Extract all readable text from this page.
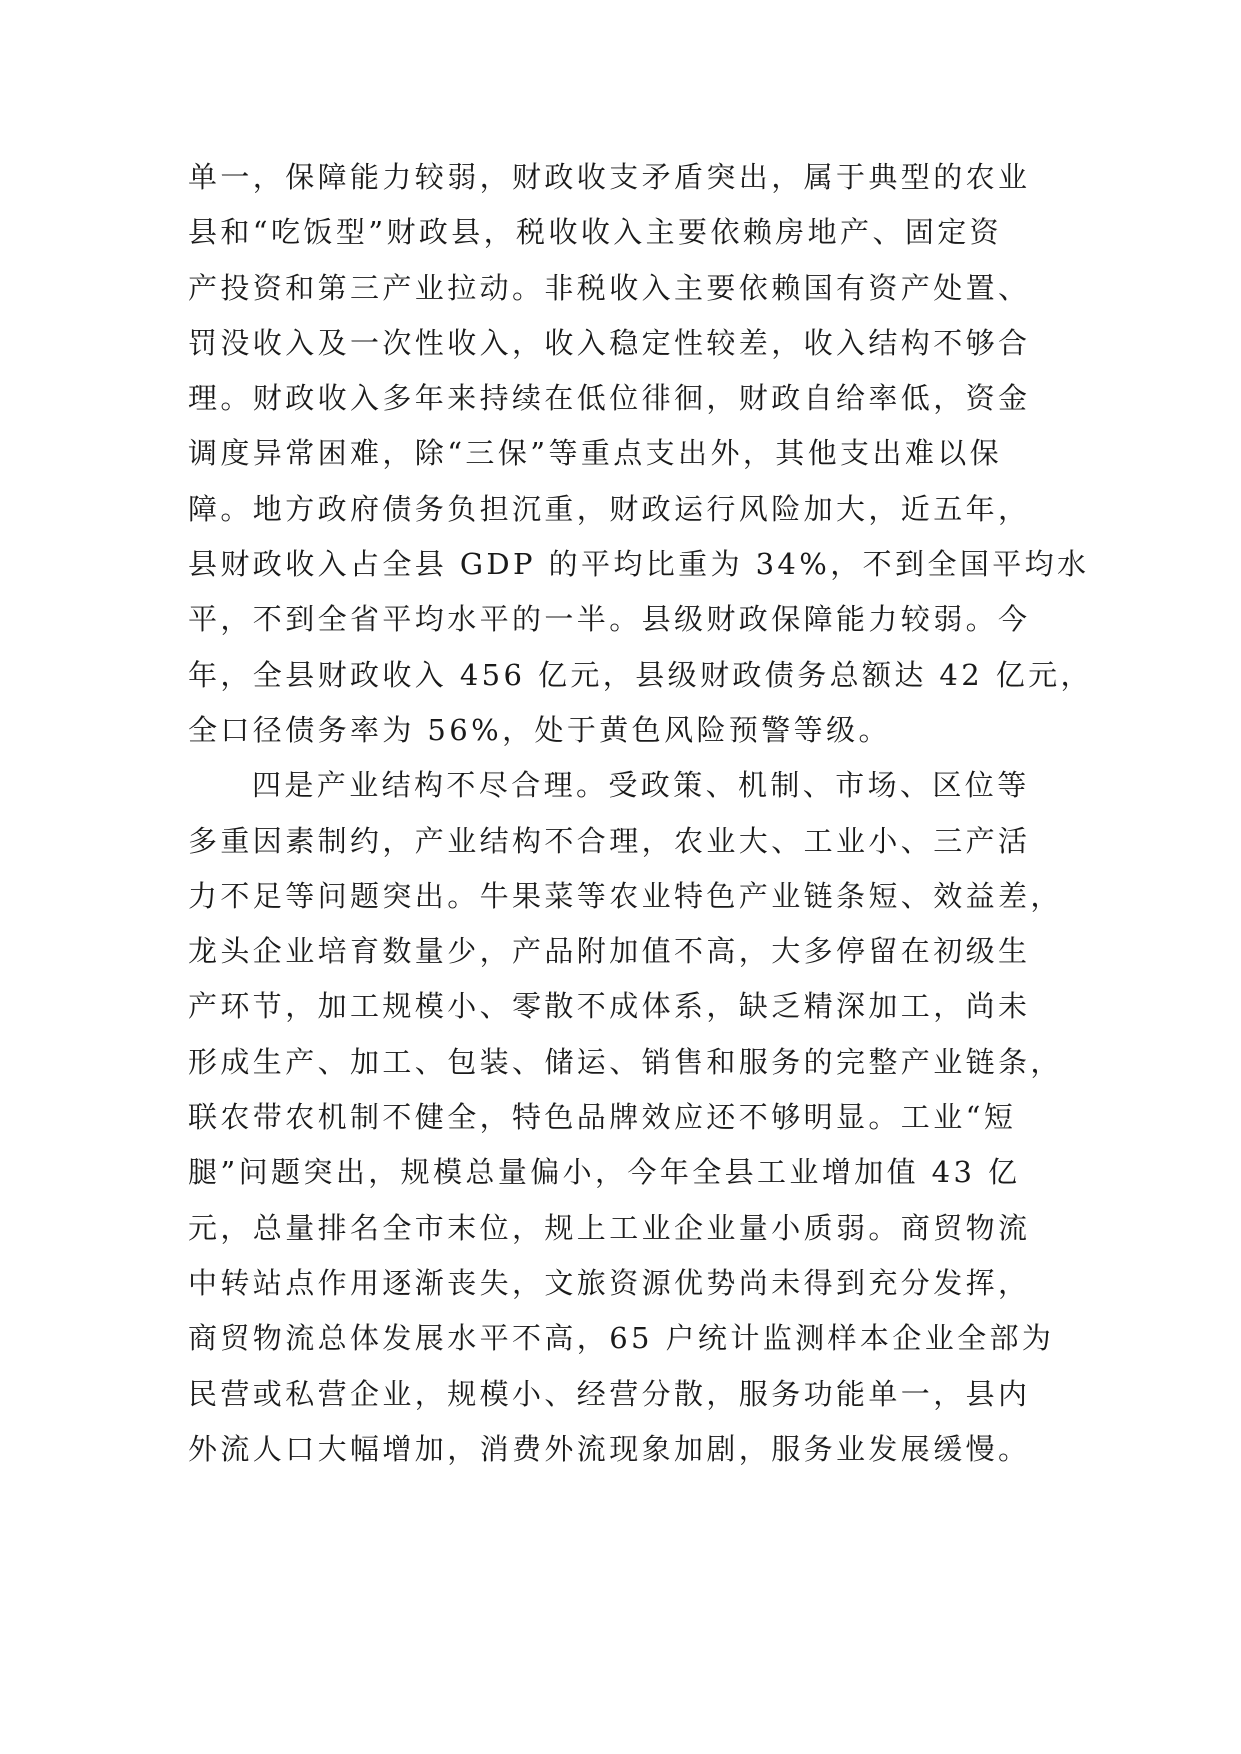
单一，保障能力较弱，财政收支矛盾突出，属于典型的农业
县和“吃饭型”财政县，税收收入主要依赖房地产、固定资
产投资和第三产业拉动。非税收入主要依赖国有资产处置、
罚没收入及一次性收入，收入稳定性较差，收入结构不够合
理。财政收入多年来持续在低位徘徊，财政自给率低，资金
调度异常困难，除“三保”等重点支出外，其他支出难以保
障。地方政府债务负担沉重，财政运行风险加大，近五年，
县财政收入占全县 GDP 的平均比重为 34%，不到全国平均水
平，不到全省平均水平的一半。县级财政保障能力较弱。今
年，全县财政收入 456 亿元，县级财政债务总额达 42 亿元，
全口径债务率为 56%，处于黄色风险预警等级。
四是产业结构不尽合理。受政策、机制、市场、区位等
多重因素制约，产业结构不合理，农业大、工业小、三产活
力不足等问题突出。牛果菜等农业特色产业链条短、效益差，
龙头企业培育数量少，产品附加值不高，大多停留在初级生
产环节，加工规模小、零散不成体系，缺乏精深加工，尚未
形成生产、加工、包装、储运、销售和服务的完整产业链条，
联农带农机制不健全，特色品牌效应还不够明显。工业“短
腿”问题突出，规模总量偏小，今年全县工业增加值 43 亿
元，总量排名全市末位，规上工业企业量小质弱。商贸物流
中转站点作用逐渐丧失，文旅资源优势尚未得到充分发挥，
商贸物流总体发展水平不高，65 户统计监测样本企业全部为
民营或私营企业，规模小、经营分散，服务功能单一，县内
外流人口大幅增加，消费外流现象加剧，服务业发展缓慢。
